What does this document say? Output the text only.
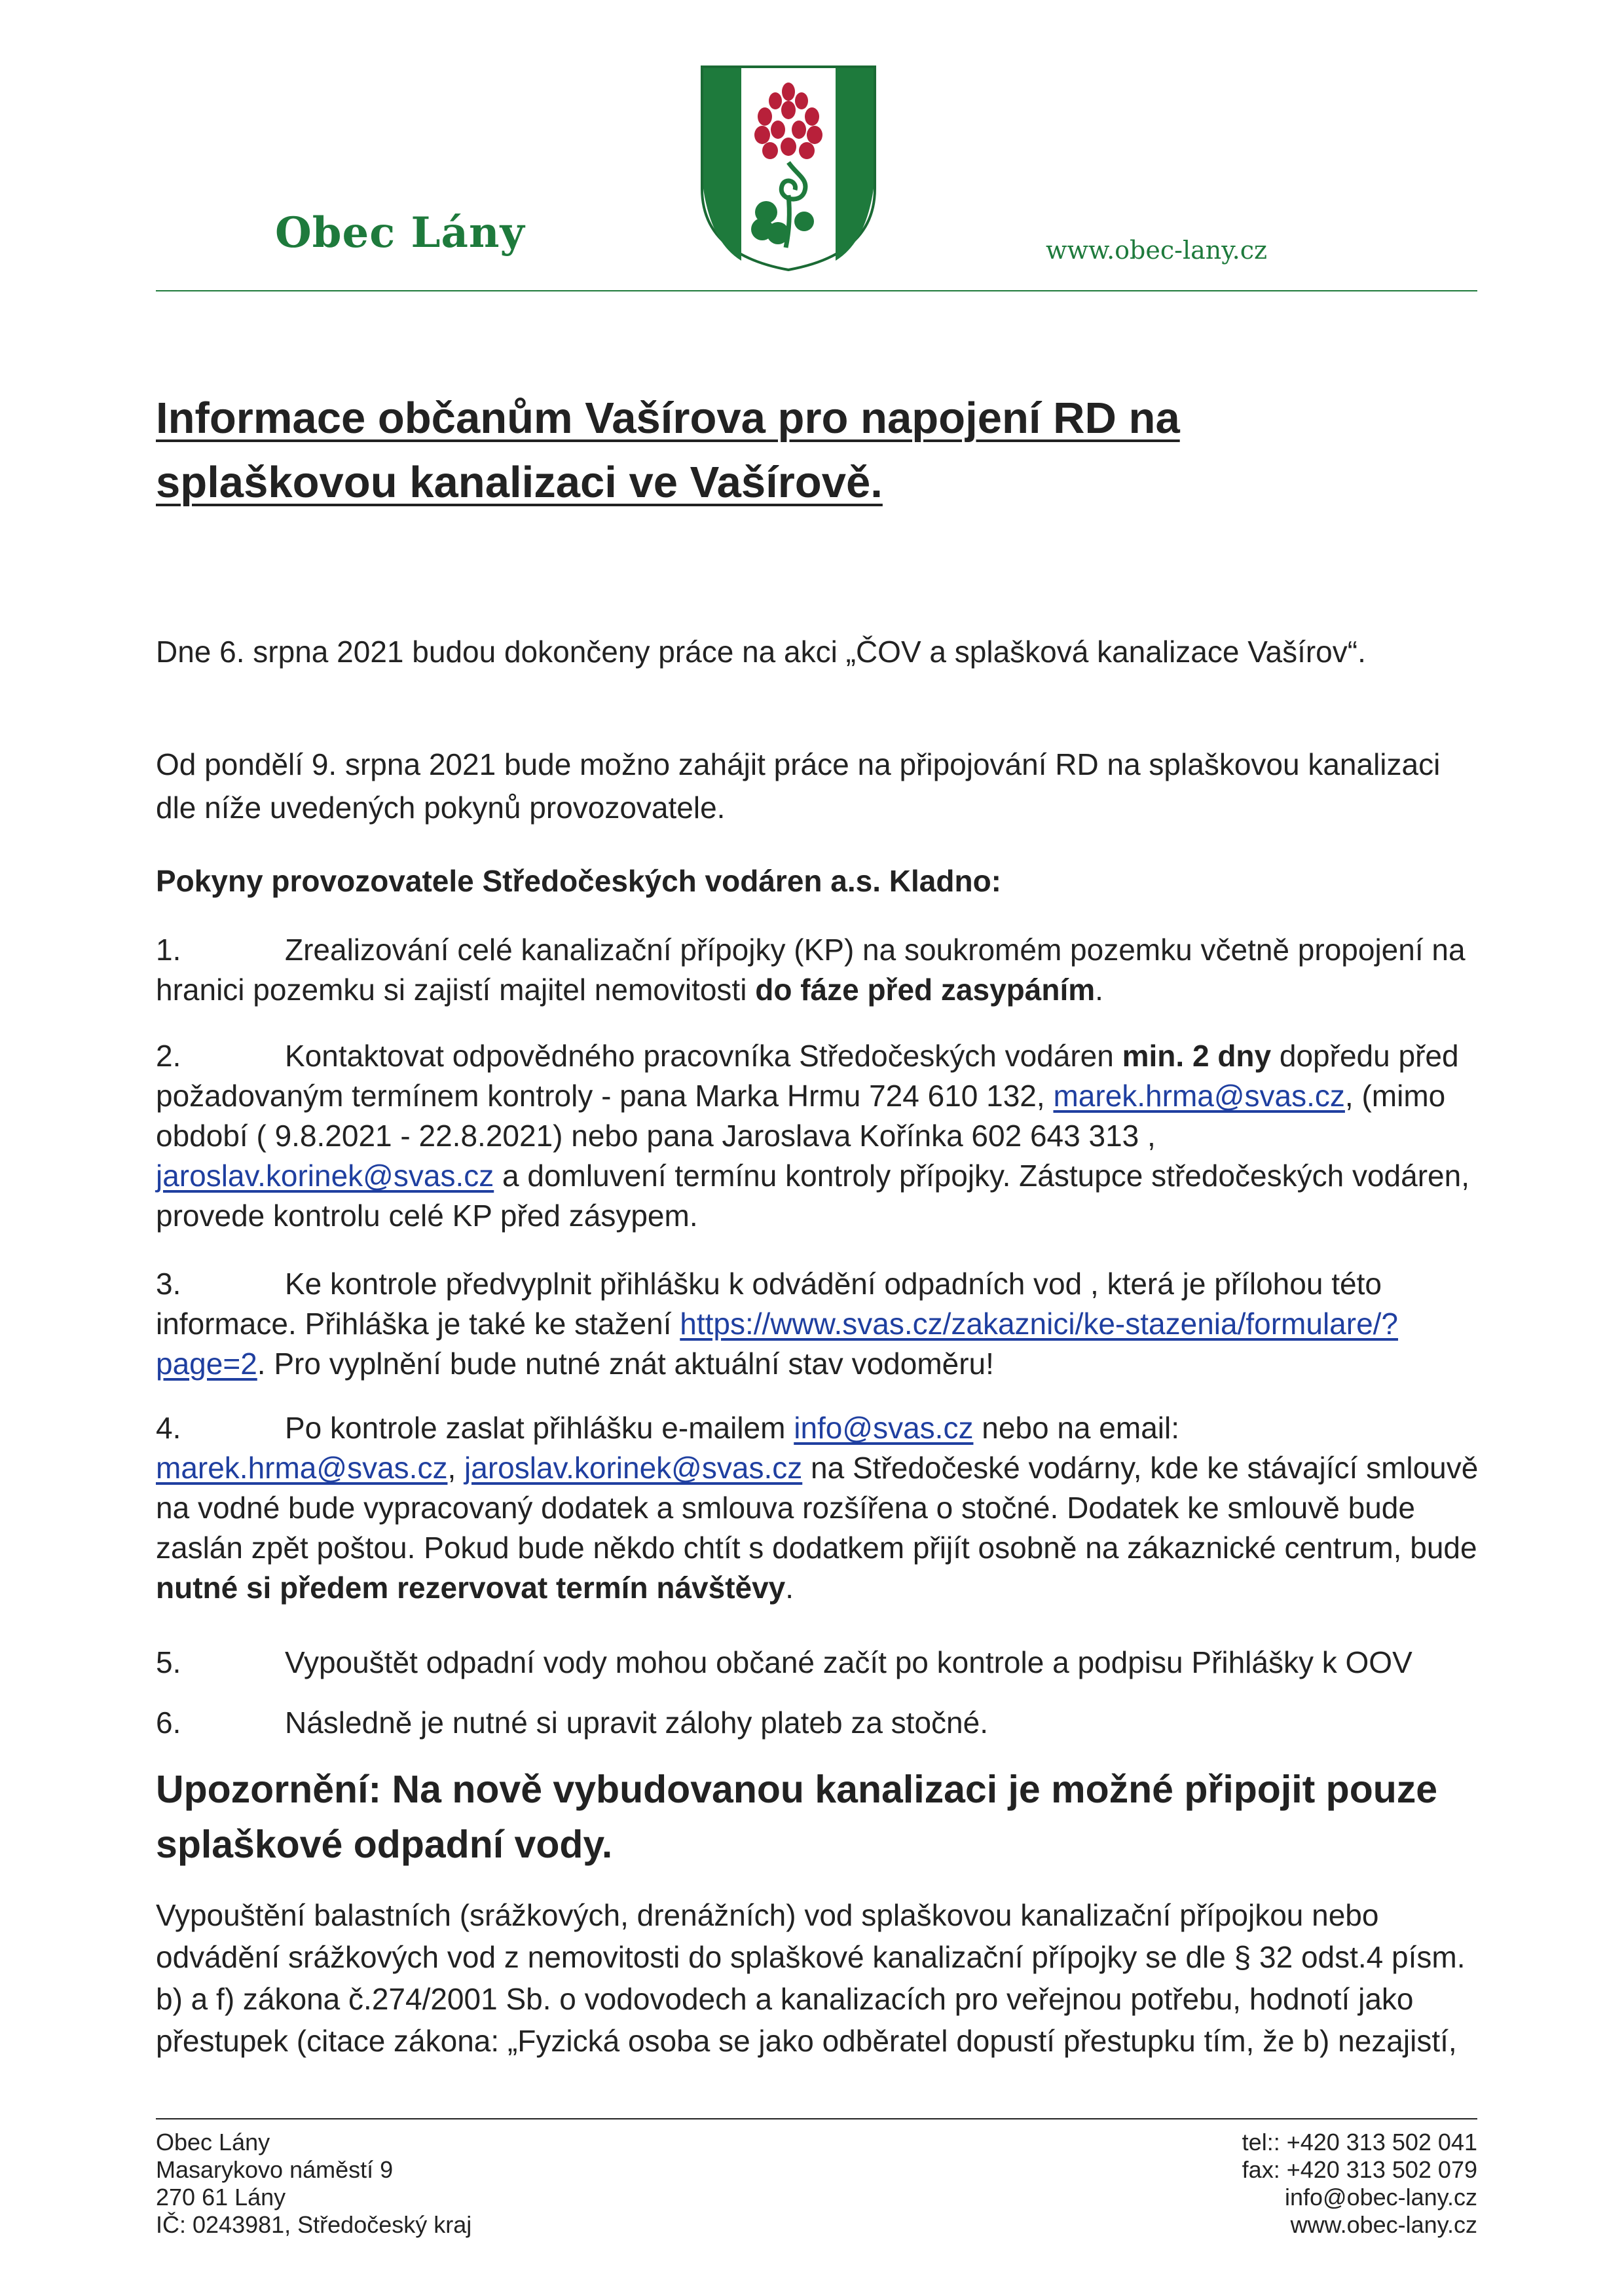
Obec Lány	www.obec-lany.cz
Informace občanům Vašírova pro napojení RD na splaškovou kanalizaci ve Vašírově.

Dne 6. srpna 2021 budou dokončeny práce na akci „ČOV a splašková kanalizace Vašírov“.

Od pondělí 9. srpna 2021 bude možno zahájit práce na připojování RD na splaškovou kanalizaci dle níže uvedených pokynů provozovatele.

Pokyny provozovatele Středočeských vodáren a.s. Kladno:

1.	Zrealizování celé kanalizační přípojky (KP) na soukromém pozemku včetně propojení na hranici pozemku si zajistí majitel nemovitosti do fáze před zasypáním.

2.	Kontaktovat odpovědného pracovníka Středočeských vodáren min. 2 dny dopředu před požadovaným termínem kontroly - pana Marka Hrmu 724 610 132, marek.hrma@svas.cz, (mimo období ( 9.8.2021 - 22.8.2021) nebo pana Jaroslava Kořínka 602 643 313 , jaroslav.korinek@svas.cz a domluvení termínu kontroly přípojky. Zástupce středočeských vodáren, provede kontrolu celé KP před zásypem.

3.	Ke kontrole předvyplnit přihlášku k odvádění odpadních vod , která je přílohou této informace. Přihláška je také ke stažení https://www.svas.cz/zakaznici/ke-stazenia/formulare/?page=2. Pro vyplnění bude nutné znát aktuální stav vodoměru!

4.	Po kontrole zaslat přihlášku e-mailem info@svas.cz nebo na email: marek.hrma@svas.cz, jaroslav.korinek@svas.cz na Středočeské vodárny, kde ke stávající smlouvě na vodné bude vypracovaný dodatek a smlouva rozšířena o stočné. Dodatek ke smlouvě bude zaslán zpět poštou. Pokud bude někdo chtít s dodatkem přijít osobně na zákaznické centrum, bude nutné si předem rezervovat termín návštěvy.

5.	Vypouštět odpadní vody mohou občané začít po kontrole a podpisu Přihlášky k OOV

6.	Následně je nutné si upravit zálohy plateb za stočné.

Upozornění: Na nově vybudovanou kanalizaci je možné připojit pouze splaškové odpadní vody.

Vypouštění balastních (srážkových, drenážních) vod splaškovou kanalizační přípojkou nebo odvádění srážkových vod z nemovitosti do splaškové kanalizační přípojky se dle § 32 odst.4 písm. b) a f) zákona č.274/2001 Sb. o vodovodech a kanalizacích pro veřejnou potřebu, hodnotí jako přestupek (citace zákona: „Fyzická osoba se jako odběratel dopustí přestupku tím, že b) nezajistí,

Obec Lány
Masarykovo náměstí 9
270 61 Lány
IČ: 0243981, Středočeský kraj
tel:: +420 313 502 041
fax: +420 313 502 079
info@obec-lany.cz
www.obec-lany.cz
